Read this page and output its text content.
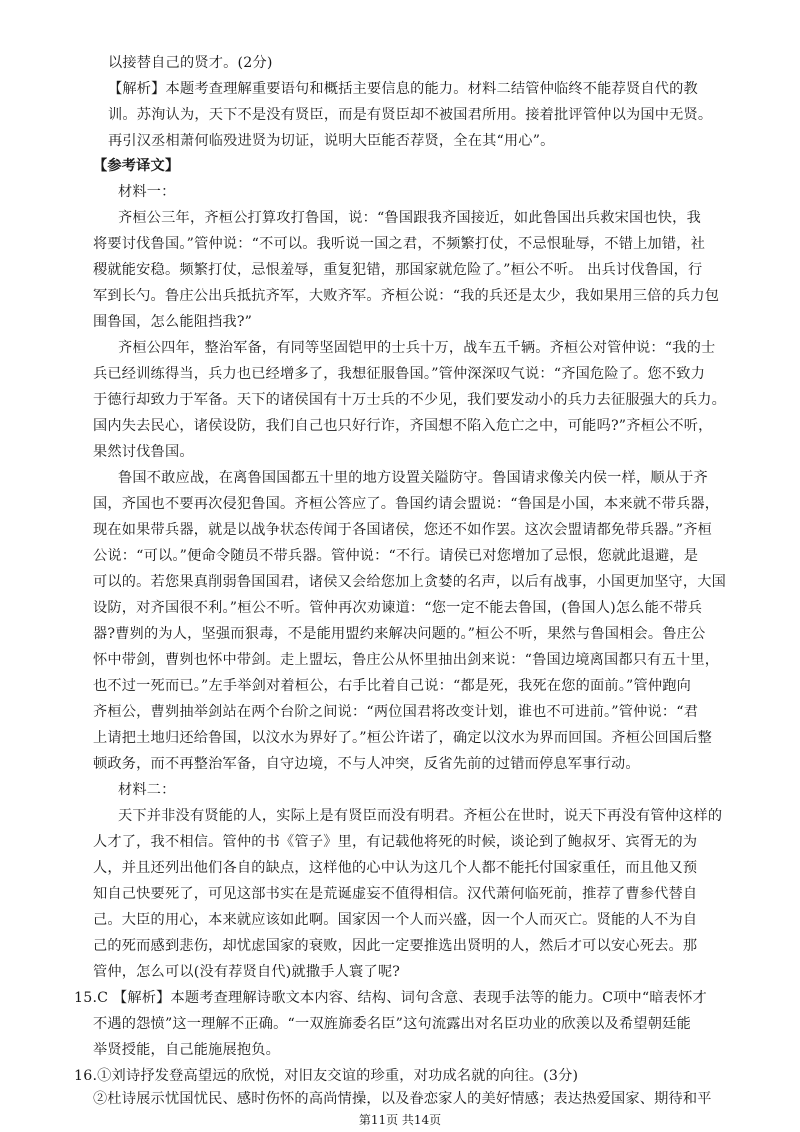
以接替自己的贤才。(2分)
【解析】本题考查理解重要语句和概括主要信息的能力。材料二结管仲临终不能荐贤自代的教
训。苏洵认为，天下不是没有贤臣，而是有贤臣却不被国君所用。接着批评管仲以为国中无贤。
再引汉丞相萧何临殁进贤为切证，说明大臣能否荐贤，全在其“用心”。
【参考译文】
材料一：
齐桓公三年，齐桓公打算攻打鲁国，说：“鲁国跟我齐国接近，如此鲁国出兵救宋国也快，我
将要讨伐鲁国。”管仲说：“不可以。我听说一国之君，不频繁打仗，不忌恨耻辱，不错上加错，社
稷就能安稳。频繁打仗，忌恨羞辱，重复犯错，那国家就危险了。”桓公不听。 出兵讨伐鲁国，行
军到长勺。鲁庄公出兵抵抗齐军，大败齐军。齐桓公说：“我的兵还是太少，我如果用三倍的兵力包
围鲁国，怎么能阻挡我?”
齐桓公四年，整治军备，有同等坚固铠甲的士兵十万，战车五千辆。齐桓公对管仲说：“我的士
兵已经训练得当，兵力也已经增多了，我想征服鲁国。”管仲深深叹气说：“齐国危险了。您不致力
于德行却致力于军备。天下的诸侯国有十万士兵的不少见，我们要发动小的兵力去征服强大的兵力。
国内失去民心，诸侯设防，我们自己也只好行诈，齐国想不陷入危亡之中，可能吗?”齐桓公不听，
果然讨伐鲁国。
鲁国不敢应战，在离鲁国国都五十里的地方设置关隘防守。鲁国请求像关内侯一样，顺从于齐
国，齐国也不要再次侵犯鲁国。齐桓公答应了。鲁国约请会盟说：“鲁国是小国，本来就不带兵器，
现在如果带兵器，就是以战争状态传闻于各国诸侯，您还不如作罢。这次会盟请都免带兵器。”齐桓
公说：“可以。”便命令随员不带兵器。管仲说：“不行。请侯已对您增加了忌恨，您就此退避，是
可以的。若您果真削弱鲁国国君，诸侯又会给您加上贪婪的名声，以后有战事，小国更加坚守，大国
设防，对齐国很不利。”桓公不听。管仲再次劝谏道：“您一定不能去鲁国，(鲁国人)怎么能不带兵
器?曹刿的为人，坚强而狠毒，不是能用盟约来解决问题的。”桓公不听，果然与鲁国相会。鲁庄公
怀中带剑，曹刿也怀中带剑。走上盟坛，鲁庄公从怀里抽出剑来说：“鲁国边境离国都只有五十里，
也不过一死而已。”左手举剑对着桓公，右手比着自己说：“都是死，我死在您的面前。”管仲跑向
齐桓公，曹刿抽举剑站在两个台阶之间说：“两位国君将改变计划，谁也不可进前。”管仲说：“君
上请把土地归还给鲁国，以汶水为界好了。”桓公许诺了，确定以汶水为界而回国。齐桓公回国后整
顿政务，而不再整治军备，自守边境，不与人冲突，反省先前的过错而停息军事行动。
材料二：
天下并非没有贤能的人，实际上是有贤臣而没有明君。齐桓公在世时，说天下再没有管仲这样的
人才了，我不相信。管仲的书《管子》里，有记载他将死的时候，谈论到了鲍叔牙、宾胥无的为
人，并且还列出他们各自的缺点，这样他的心中认为这几个人都不能托付国家重任，而且他又预
知自己快要死了，可见这部书实在是荒诞虚妄不值得相信。汉代萧何临死前，推荐了曹参代替自
己。大臣的用心，本来就应该如此啊。国家因一个人而兴盛，因一个人而灭亡。贤能的人不为自
己的死而感到悲伤，却忧虑国家的衰败，因此一定要推选出贤明的人，然后才可以安心死去。那
管仲，怎么可以(没有荐贤自代)就撒手人寰了呢?
15.C 【解析】本题考查理解诗歌文本内容、结构、词句含意、表现手法等的能力。C项中“暗表怀才
不遇的怨愤”这一理解不正确。“一双旌旆委名臣”这句流露出对名臣功业的欣羡以及希望朝廷能
举贤授能，自己能施展抱负。
16.①刘诗抒发登高望远的欣悦，对旧友交谊的珍重，对功成名就的向往。(3分)
②杜诗展示忧国忧民、感时伤怀的高尚情操，以及眷恋家人的美好情感；表达热爱国家、期待和平
第11页 共14页
